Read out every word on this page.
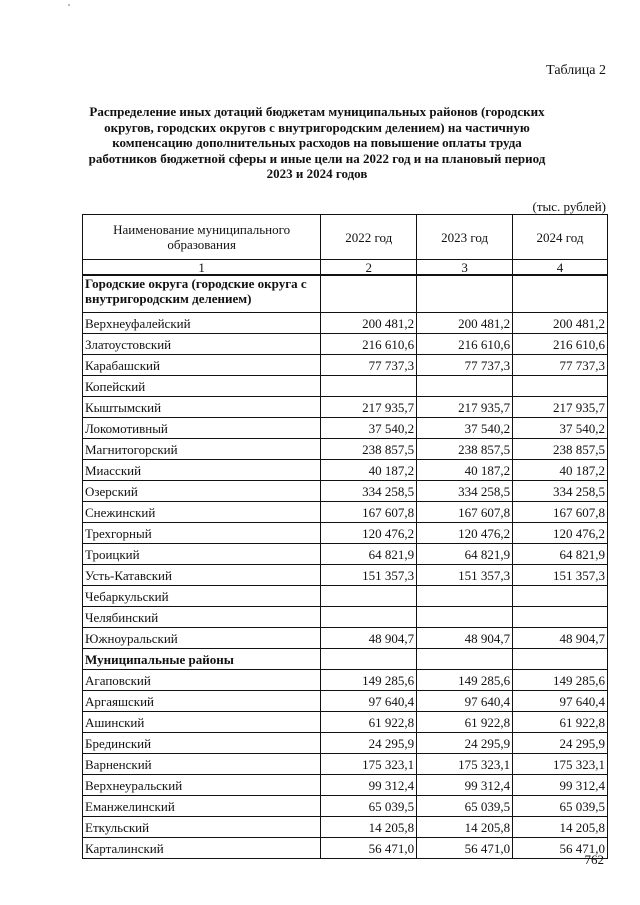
Таблица 2
Распределение иных дотаций бюджетам муниципальных районов (городских округов, городских округов с внутригородским делением) на частичную компенсацию дополнительных расходов на повышение оплаты труда работников бюджетной сферы и иные цели на 2022 год и на плановый период 2023 и 2024 годов
(тыс. рублей)
Наименование муниципального образования	2022 год	2023 год	2024 год
1	2	3	4
Городские округа (городские округа с внутригородским делением)			
Верхнеуфалейский	200 481,2	200 481,2	200 481,2
Златоустовский	216 610,6	216 610,6	216 610,6
Карабашский	77 737,3	77 737,3	77 737,3
Копейский			
Кыштымский	217 935,7	217 935,7	217 935,7
Локомотивный	37 540,2	37 540,2	37 540,2
Магнитогорский	238 857,5	238 857,5	238 857,5
Миасский	40 187,2	40 187,2	40 187,2
Озерский	334 258,5	334 258,5	334 258,5
Снежинский	167 607,8	167 607,8	167 607,8
Трехгорный	120 476,2	120 476,2	120 476,2
Троицкий	64 821,9	64 821,9	64 821,9
Усть-Катавский	151 357,3	151 357,3	151 357,3
Чебаркульский			
Челябинский			
Южноуральский	48 904,7	48 904,7	48 904,7
Муниципальные районы			
Агаповский	149 285,6	149 285,6	149 285,6
Аргаяшский	97 640,4	97 640,4	97 640,4
Ашинский	61 922,8	61 922,8	61 922,8
Брединский	24 295,9	24 295,9	24 295,9
Варненский	175 323,1	175 323,1	175 323,1
Верхнеуральский	99 312,4	99 312,4	99 312,4
Еманжелинский	65 039,5	65 039,5	65 039,5
Еткульский	14 205,8	14 205,8	14 205,8
Карталинский	56 471,0	56 471,0	56 471,0
762
